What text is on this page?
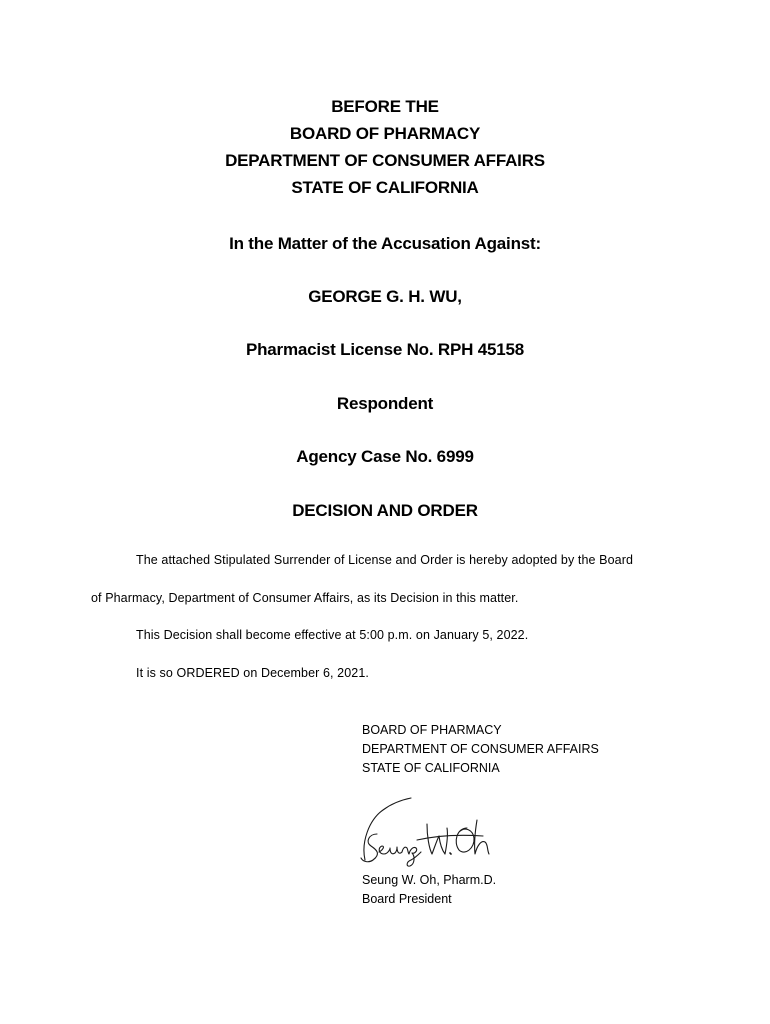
BEFORE THE
BOARD OF PHARMACY
DEPARTMENT OF CONSUMER AFFAIRS
STATE OF CALIFORNIA
In the Matter of the Accusation Against:
GEORGE G. H. WU,
Pharmacist License No. RPH 45158
Respondent
Agency Case No. 6999
DECISION AND ORDER
The attached Stipulated Surrender of License and Order is hereby adopted by the Board
of Pharmacy, Department of Consumer Affairs, as its Decision in this matter.
This Decision shall become effective at 5:00 p.m. on January 5, 2022.
It is so ORDERED on December 6, 2021.
BOARD OF PHARMACY
DEPARTMENT OF CONSUMER AFFAIRS
STATE OF CALIFORNIA
Seung W. Oh, Pharm.D.
Board President
